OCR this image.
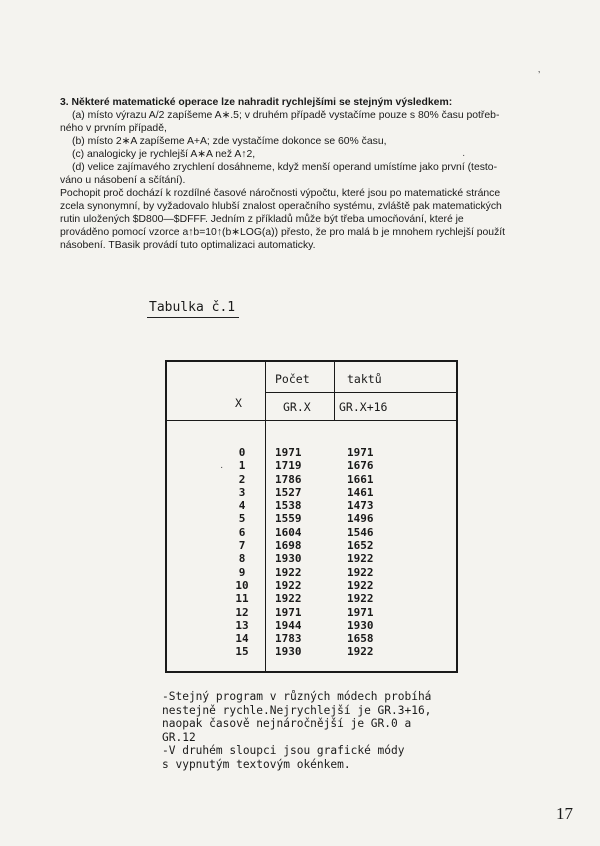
3. Některé matematické operace lze nahradit rychlejšími se stejným výsledkem:

(a) místo výrazu A/2 zapíšeme A∗.5; v druhém případě vystačíme pouze s 80% času potřeb-

ného v prvním případě,

(b) místo 2∗A zapíšeme A+A; zde vystačíme dokonce se 60% času,

(c) analogicky je rychlejší A∗A než A↑2,

(d) velice zajímavého zrychlení dosáhneme, když menší operand umístíme jako první (testo-

váno u násobení a sčítání).

Pochopit proč dochází k rozdílné časové náročnosti výpočtu, které jsou po matematické stránce

zcela synonymní, by vyžadovalo hlubší znalost operačního systému, zvláště pak matematických

rutin uložených $D800—$DFFF. Jedním z příkladů může být třeba umocňování, které je

prováděno pomocí vzorce a↑b=10↑(b∗LOG(a)) přesto, že pro malá b je mnohem rychlejší použít

násobení. TBasik provádí tuto optimalizaci automaticky.

Tabulka č.1
X
Počet	taktů
GR.X GR.X+16
0
1
2
3
4
5
6
7
8
9
10
11
12
13
14
15
1971
1719
1786
1527
1538
1559
1604
1698
1930
1922
1922
1922
1971
1944
1783
1930
1971
1676
1661
1461
1473
1496
1546
1652
1922
1922
1922
1922
1971
1930
1658
1922
-Stejný program v různých módech probíhá
nestejně rychle.Nejrychlejší je GR.3+16,
naopak časově nejnáročnější je GR.0 a
GR.12
-V druhém sloupci jsou grafické módy
s vypnutým textovým okénkem.
17
‚
·
·
